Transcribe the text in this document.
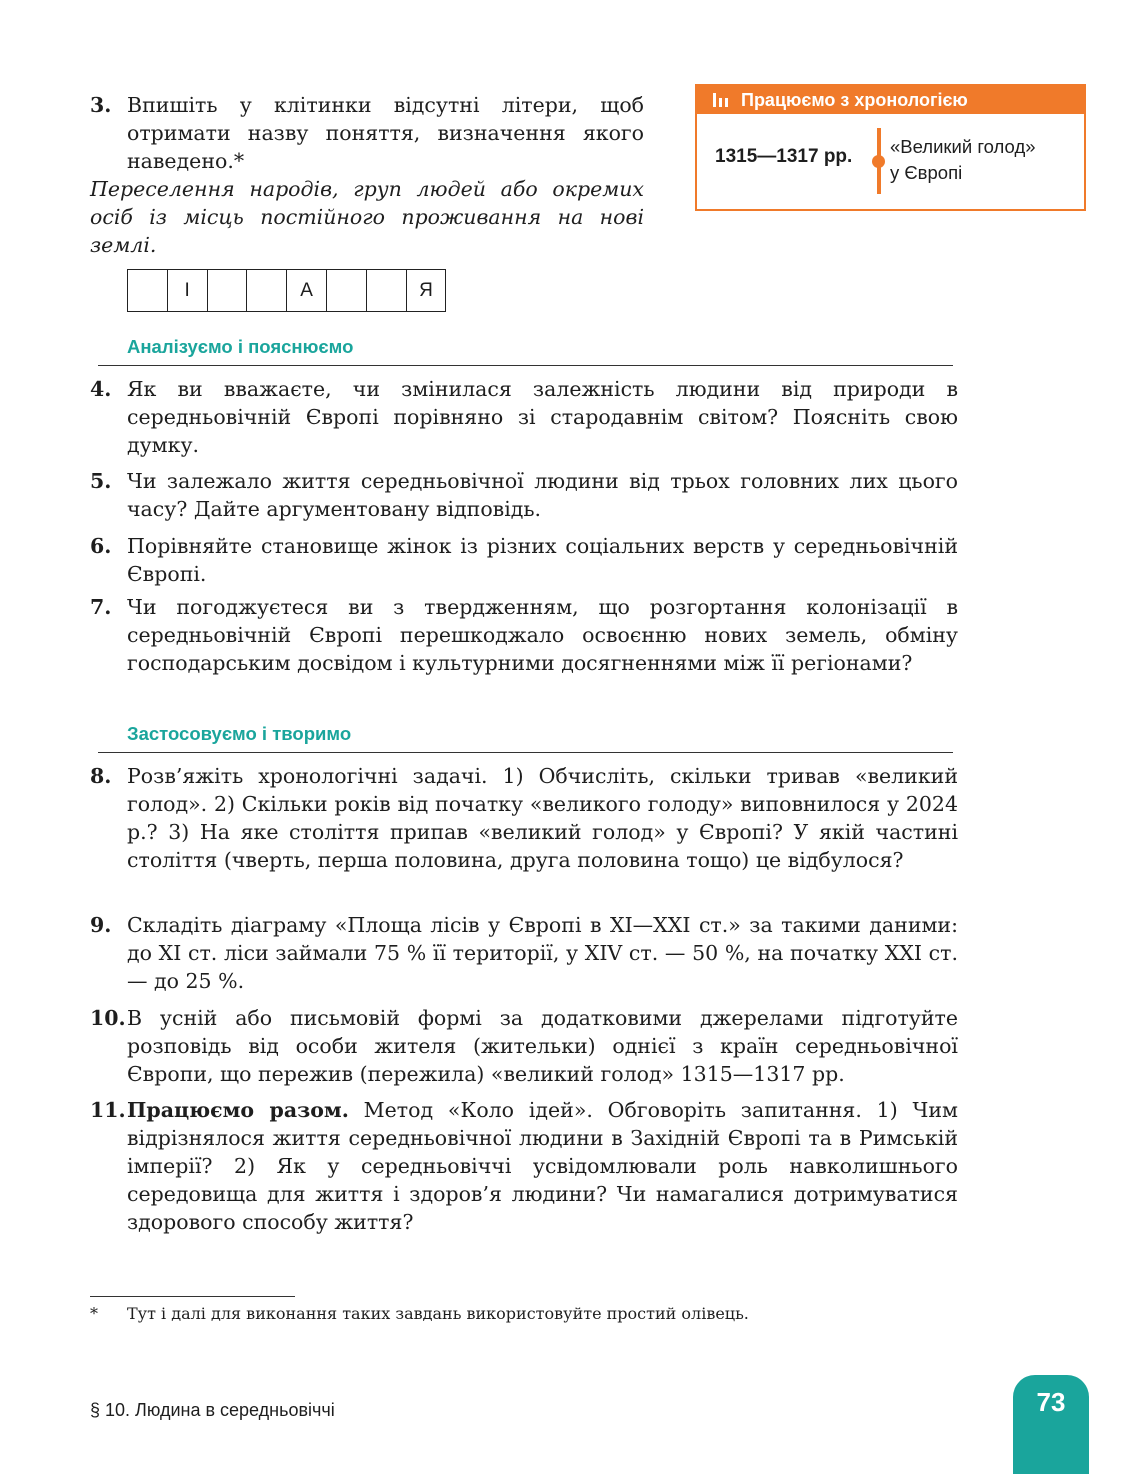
3. Впишіть у клітинки відсутні літери, щоб отримати назву поняття, визначення якого наведено.*
Переселення народів, груп людей або окремих осіб із місць постійного проживання на нові землі.
І	А	Я
Працюємо з хронологією
1315—1317 рр. «Великий голод»
у Європі
Аналізуємо і пояснюємо
4. Як ви вважаєте, чи змінилася залежність людини від природи в середньовічній Європі порівняно зі стародавнім світом? Поясніть свою думку.
5. Чи залежало життя середньовічної людини від трьох головних лих цього часу? Дайте аргументовану відповідь.
6. Порівняйте становище жінок із різних соціальних верств у середньовічній Європі.
7. Чи погоджуєтеся ви з твердженням, що розгортання колонізації в середньовічній Європі перешкоджало освоєнню нових земель, обміну господарським досвідом і культурними досягненнями між її регіонами?
Застосовуємо і творимо
8. Розв’яжіть хронологічні задачі. 1) Обчисліть, скільки тривав «великий голод». 2) Скільки років від початку «великого голоду» виповнилося у 2024 р.? 3) На яке століття припав «великий голод» у Європі? У якій частині століття (чверть, перша половина, друга половина тощо) це відбулося?
9. Складіть діаграму «Площа лісів у Європі в XI—XXI ст.» за такими даними: до XI ст. ліси займали 75 % її території, у XIV ст. — 50 %, на початку XXI ст. — до 25 %.
10. В усній або письмовій формі за додатковими джерелами підготуйте розповідь від особи жителя (жительки) однієї з країн середньовічної Європи, що пережив (пережила) «великий голод» 1315—1317 рр.
11. Працюємо разом. Метод «Коло ідей». Обговоріть запитання. 1) Чим відрізнялося життя середньовічної людини в Західній Європі та в Римській імперії? 2) Як у середньовіччі усвідомлювали роль навколишнього середовища для життя і здоров’я людини? Чи намагалися дотримуватися здорового способу життя?
* Тут і далі для виконання таких завдань використовуйте простий олівець.
§ 10. Людина в середньовіччі	73
